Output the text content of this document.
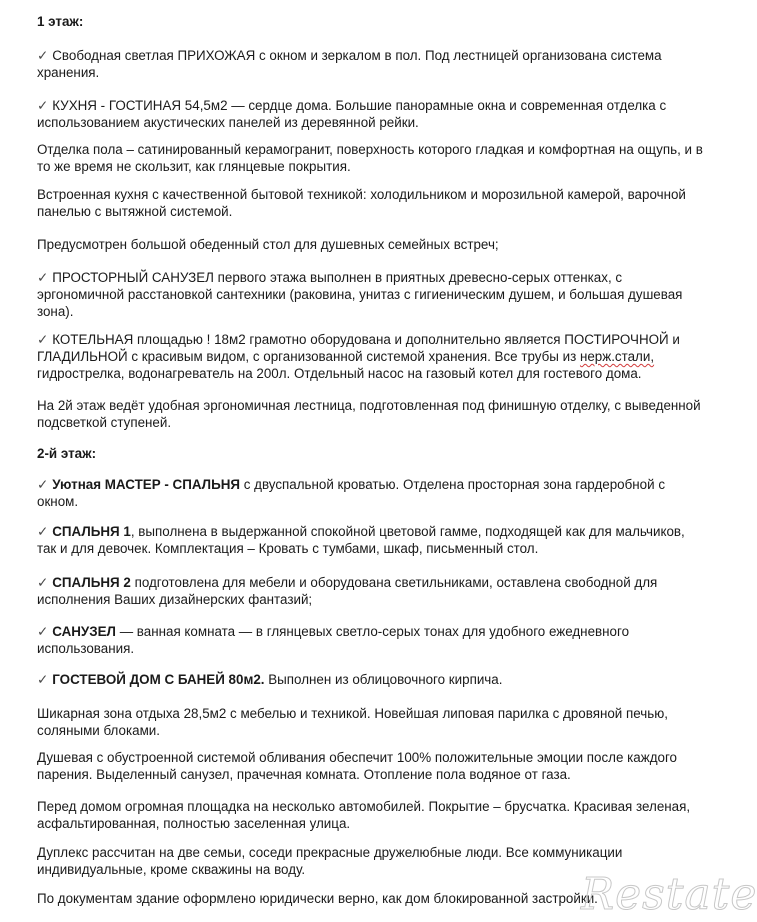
1 этаж:
✓ Свободная светлая ПРИХОЖАЯ с окном и зеркалом в пол. Под лестницей организована система
хранения.
✓ КУХНЯ - ГОСТИНАЯ 54,5м2 — сердце дома. Большие панорамные окна и современная отделка с
использованием акустических панелей из деревянной рейки.
Отделка пола – сатинированный керамогранит, поверхность которого гладкая и комфортная на ощупь, и в
то же время не скользит, как глянцевые покрытия.
Встроенная кухня с качественной бытовой техникой: холодильником и морозильной камерой, варочной
панелью с вытяжной системой.
Предусмотрен большой обеденный стол для душевных семейных встреч;
✓ ПРОСТОРНЫЙ САНУЗЕЛ первого этажа выполнен в приятных древесно-серых оттенках, с
эргономичной расстановкой сантехники (раковина, унитаз с гигиеническим душем, и большая душевая
зона).
✓ КОТЕЛЬНАЯ площадью ! 18м2 грамотно оборудована и дополнительно является ПОСТИРОЧНОЙ и
ГЛАДИЛЬНОЙ с красивым видом, с организованной системой хранения. Все трубы из нерж.стали,
гидрострелка, водонагреватель на 200л. Отдельный насос на газовый котел для гостевого дома.
На 2й этаж ведёт удобная эргономичная лестница, подготовленная под финишную отделку, с выведенной
подсветкой ступеней.
2-й этаж:
✓ Уютная МАСТЕР - СПАЛЬНЯ с двуспальной кроватью. Отделена просторная зона гардеробной с
окном.
✓ СПАЛЬНЯ 1, выполнена в выдержанной спокойной цветовой гамме, подходящей как для мальчиков,
так и для девочек. Комплектация – Кровать с тумбами, шкаф, письменный стол.
✓ СПАЛЬНЯ 2 подготовлена для мебели и оборудована светильниками, оставлена свободной для
исполнения Ваших дизайнерских фантазий;
✓ САНУЗЕЛ — ванная комната — в глянцевых светло-серых тонах для удобного ежедневного
использования.
✓ ГОСТЕВОЙ ДОМ С БАНЕЙ 80м2. Выполнен из облицовочного кирпича.
Шикарная зона отдыха 28,5м2 с мебелью и техникой. Новейшая липовая парилка с дровяной печью,
соляными блоками.
Душевая с обустроенной системой обливания обеспечит 100% положительные эмоции после каждого
парения. Выделенный санузел, прачечная комната. Отопление пола водяное от газа.
Перед домом огромная площадка на несколько автомобилей. Покрытие – брусчатка. Красивая зеленая,
асфальтированная, полностью заселенная улица.
Дуплекс рассчитан на две семьи, соседи прекрасные дружелюбные люди. Все коммуникации
индивидуальные, кроме скважины на воду.
По документам здание оформлено юридически верно, как дом блокированной застройки.
Restate
